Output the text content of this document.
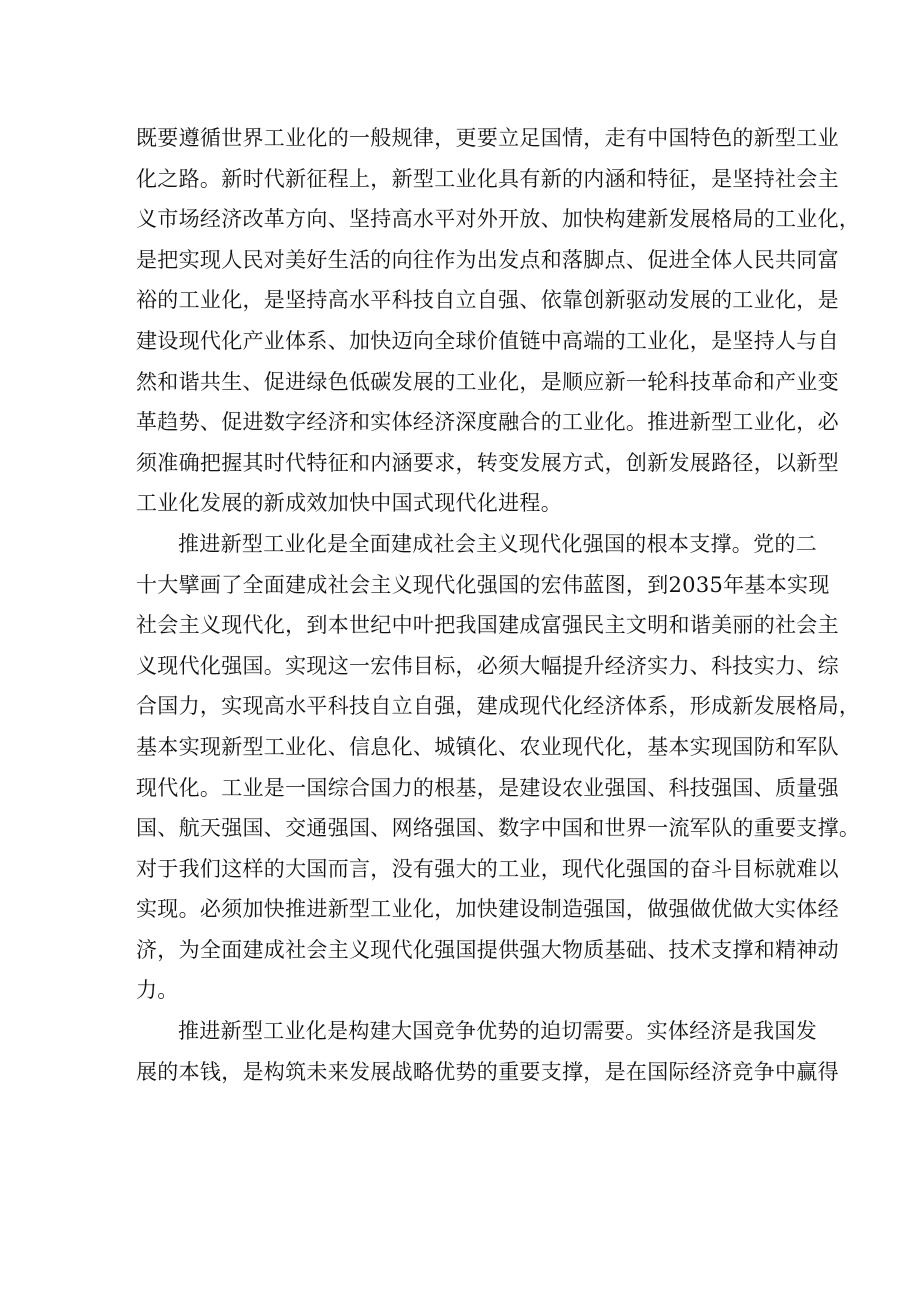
既要遵循世界工业化的一般规律，更要立足国情，走有中国特色的新型工业
化之路。新时代新征程上，新型工业化具有新的内涵和特征，是坚持社会主
义市场经济改革方向、坚持高水平对外开放、加快构建新发展格局的工业化，
是把实现人民对美好生活的向往作为出发点和落脚点、促进全体人民共同富
裕的工业化，是坚持高水平科技自立自强、依靠创新驱动发展的工业化，是
建设现代化产业体系、加快迈向全球价值链中高端的工业化，是坚持人与自
然和谐共生、促进绿色低碳发展的工业化，是顺应新一轮科技革命和产业变
革趋势、促进数字经济和实体经济深度融合的工业化。推进新型工业化，必
须准确把握其时代特征和内涵要求，转变发展方式，创新发展路径，以新型
工业化发展的新成效加快中国式现代化进程。
推进新型工业化是全面建成社会主义现代化强国的根本支撑。党的二
十大擘画了全面建成社会主义现代化强国的宏伟蓝图，到2035年基本实现
社会主义现代化，到本世纪中叶把我国建成富强民主文明和谐美丽的社会主
义现代化强国。实现这一宏伟目标，必须大幅提升经济实力、科技实力、综
合国力，实现高水平科技自立自强，建成现代化经济体系，形成新发展格局，
基本实现新型工业化、信息化、城镇化、农业现代化，基本实现国防和军队
现代化。工业是一国综合国力的根基，是建设农业强国、科技强国、质量强
国、航天强国、交通强国、网络强国、数字中国和世界一流军队的重要支撑。
对于我们这样的大国而言，没有强大的工业，现代化强国的奋斗目标就难以
实现。必须加快推进新型工业化，加快建设制造强国，做强做优做大实体经
济，为全面建成社会主义现代化强国提供强大物质基础、技术支撑和精神动
力。
推进新型工业化是构建大国竞争优势的迫切需要。实体经济是我国发
展的本钱，是构筑未来发展战略优势的重要支撑，是在国际经济竞争中赢得
